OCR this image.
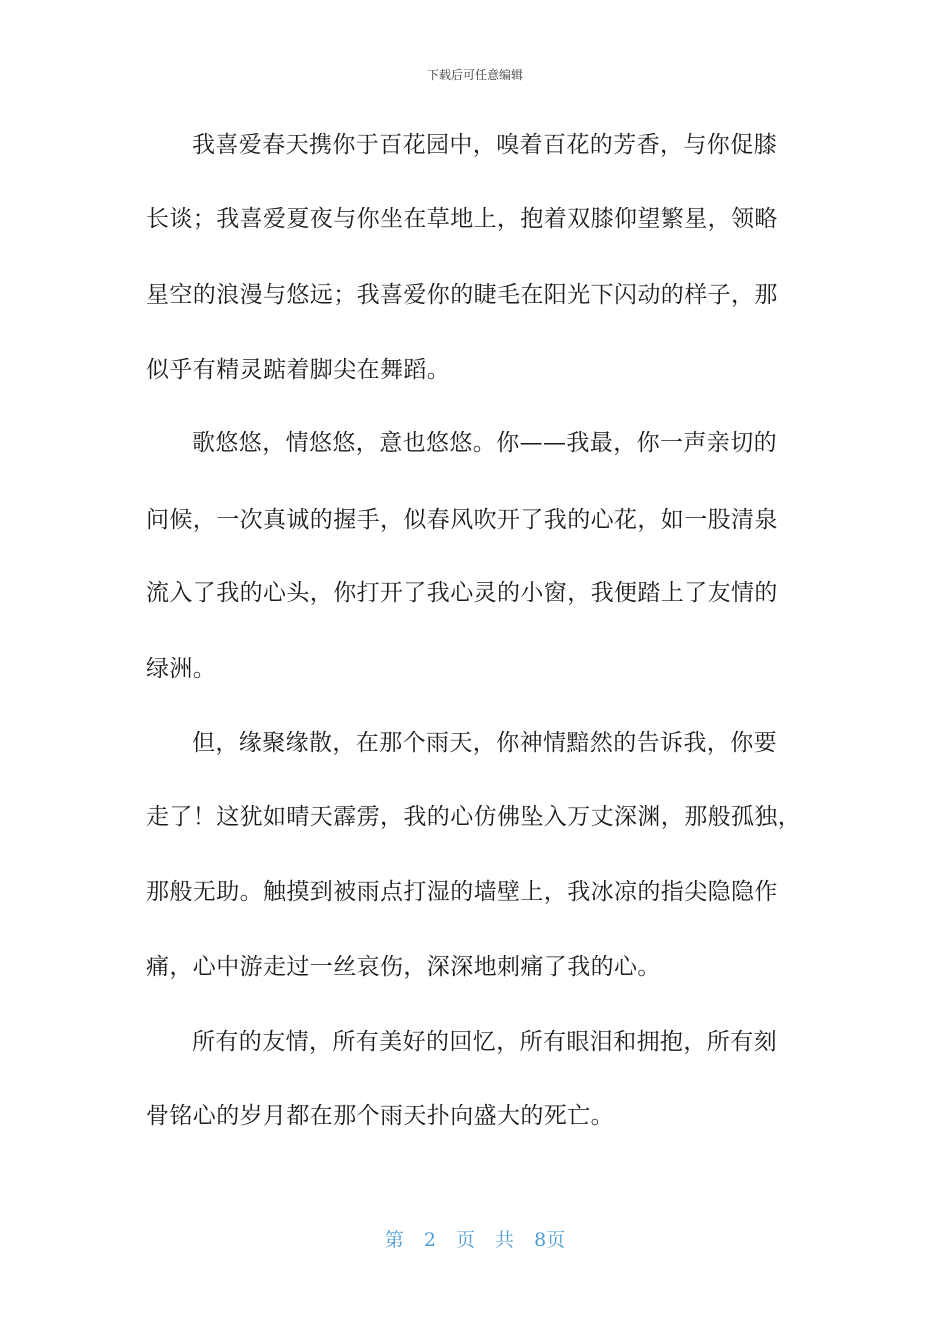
下载后可任意编辑
我喜爱春天携你于百花园中，嗅着百花的芳香，与你促膝
长谈；我喜爱夏夜与你坐在草地上，抱着双膝仰望繁星，领略
星空的浪漫与悠远；我喜爱你的睫毛在阳光下闪动的样子，那
似乎有精灵踮着脚尖在舞蹈。
歌悠悠，情悠悠，意也悠悠。你——我最，你一声亲切的
问候，一次真诚的握手，似春风吹开了我的心花，如一股清泉
流入了我的心头，你打开了我心灵的小窗，我便踏上了友情的
绿洲。
但，缘聚缘散，在那个雨天，你神情黯然的告诉我，你要
走了！这犹如晴天霹雳，我的心仿佛坠入万丈深渊，那般孤独，
那般无助。触摸到被雨点打湿的墙壁上，我冰凉的指尖隐隐作
痛，心中游走过一丝哀伤，深深地刺痛了我的心。
所有的友情，所有美好的回忆，所有眼泪和拥抱，所有刻
骨铭心的岁月都在那个雨天扑向盛大的死亡。
第 2 页 共 8页
